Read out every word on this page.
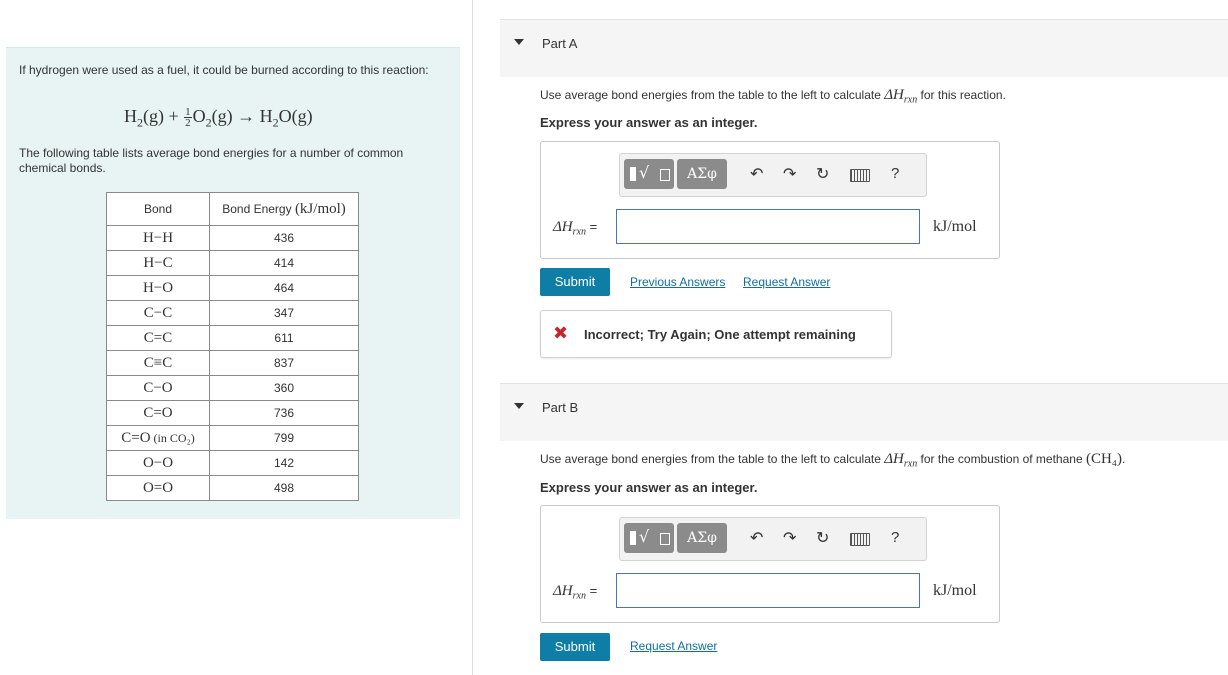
If hydrogen were used as a fuel, it could be burned according to this reaction:
$H_2(g) + \frac{1}{2} O_2(g) \to H_2O(g)$
The following table lists average bond energies for a number of common chemical bonds.
Bond	Bond Energy (kJ/mol)
H−H	436
H−C	414
H−O	464
C−C	347
C=C	611
C≡C	837
C−O	360
C=O	736
C=O (in CO₂)	799
O−O	142
O=O	498
Part A
Use average bond energies from the table to the left to calculate $\Delta H_{rxn}$ for this reaction.
Express your answer as an integer.
√	ΑΣφ	↶ ↷ ↻	?
$\Delta H_{rxn}$ =	kJ/mol
Submit	Previous Answers Request Answer
✖ Incorrect; Try Again; One attempt remaining
Part B
Use average bond energies from the table to the left to calculate $\Delta H_{rxn}$ for the combustion of methane (CH₄).
Express your answer as an integer.
√	ΑΣφ	↶ ↷ ↻	?
$\Delta H_{rxn}$ =	kJ/mol
Submit	Request Answer
